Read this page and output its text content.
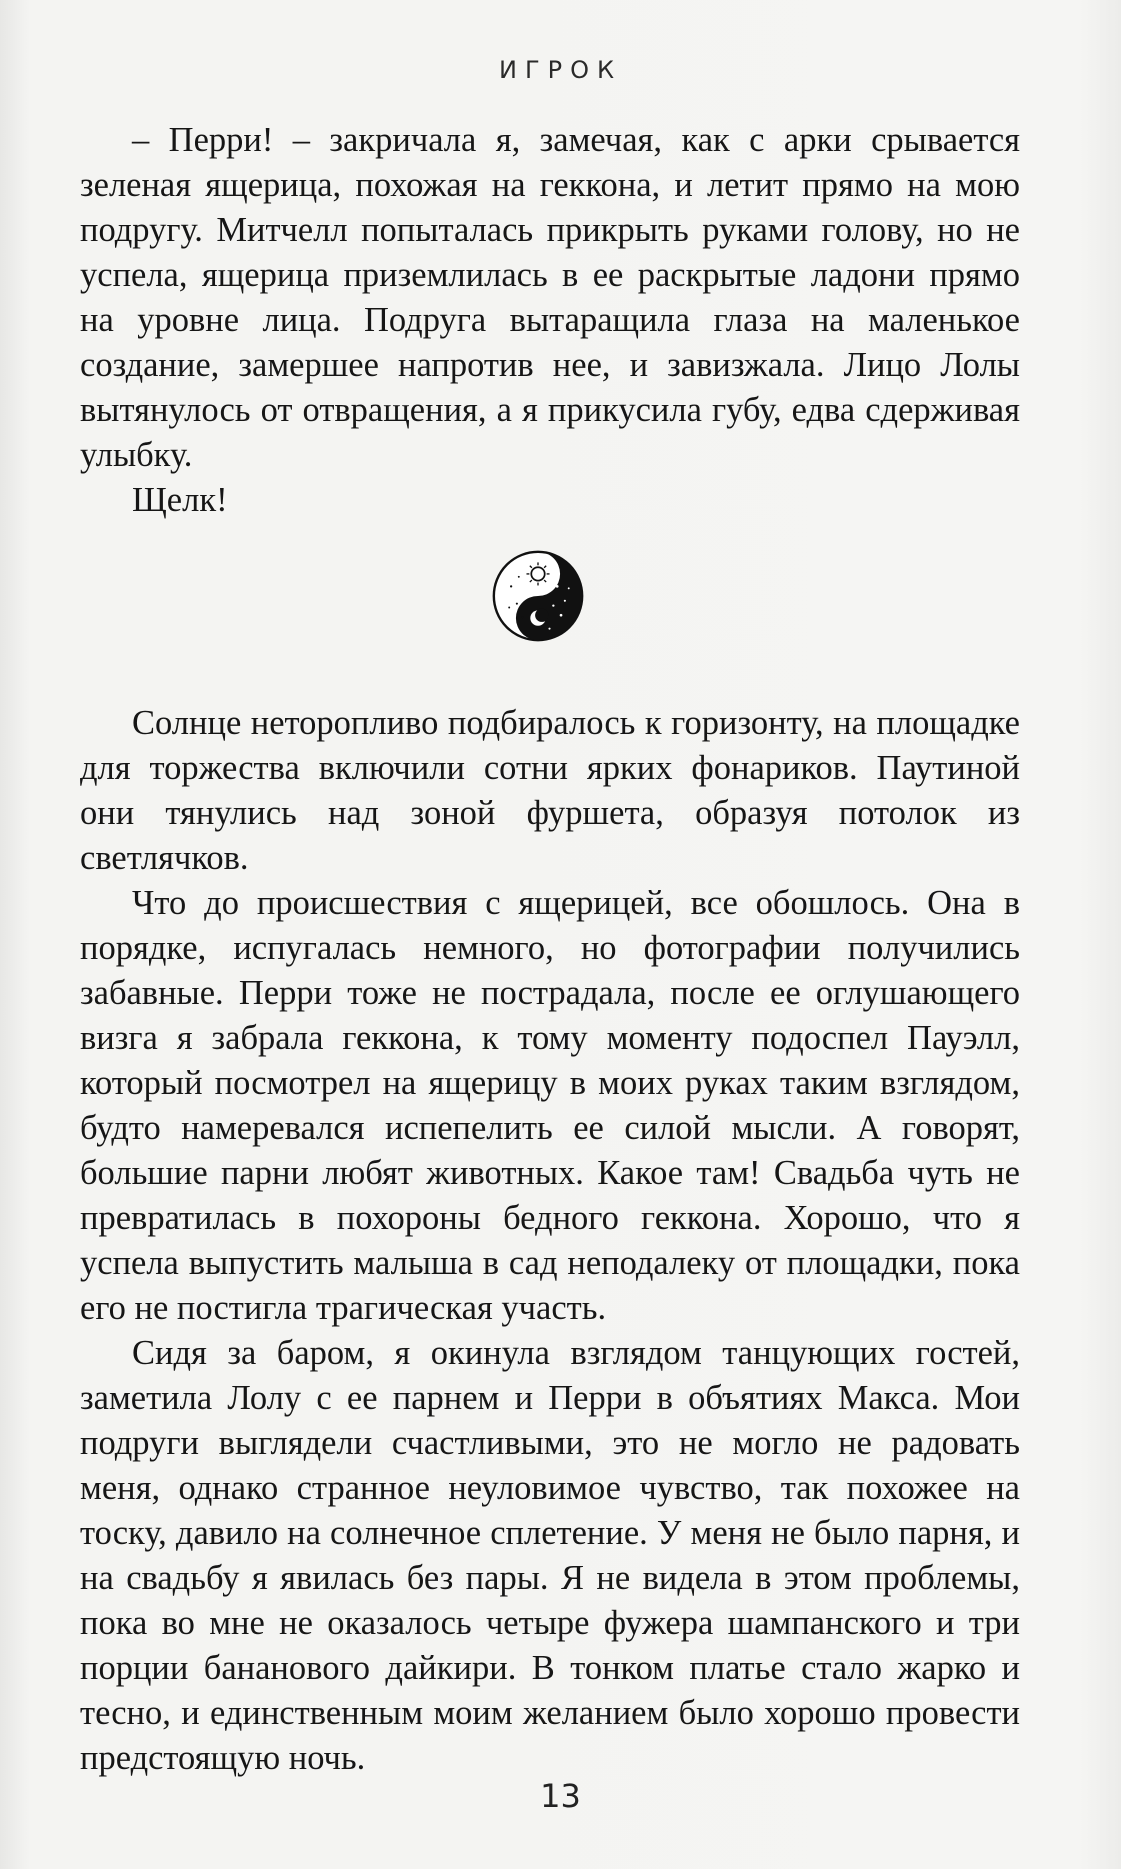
ИГРОК

– Перри! – закричала я, замечая, как с арки срывается зеленая ящерица, похожая на геккона, и летит прямо на мою подругу. Митчелл попыталась прикрыть руками голову, но не успела, ящерица приземлилась в ее раскрытые ладони прямо на уровне лица. Подруга вытаращила глаза на маленькое создание, замершее напротив нее, и завизжала. Лицо Лолы вытянулось от отвращения, а я прикусила губу, едва сдерживая улыбку.

Щелк!

Солнце неторопливо подбиралось к горизонту, на площадке для торжества включили сотни ярких фонариков. Паутиной они тянулись над зоной фуршета, образуя потолок из светлячков.

Что до происшествия с ящерицей, все обошлось. Она в порядке, испугалась немного, но фотографии получились забавные. Перри тоже не пострадала, после ее оглушающего визга я забрала геккона, к тому моменту подоспел Пауэлл, который посмотрел на ящерицу в моих руках таким взглядом, будто намеревался испепелить ее силой мысли. А говорят, большие парни любят животных. Какое там! Свадьба чуть не превратилась в похороны бедного геккона. Хорошо, что я успела выпустить малыша в сад неподалеку от площадки, пока его не постигла трагическая участь.

Сидя за баром, я окинула взглядом танцующих гостей, заметила Лолу с ее парнем и Перри в объятиях Макса. Мои подруги выглядели счастливыми, это не могло не радовать меня, однако странное неуловимое чувство, так похожее на тоску, давило на солнечное сплетение. У меня не было парня, и на свадьбу я явилась без пары. Я не видела в этом проблемы, пока во мне не оказалось четыре фужера шампанского и три порции бананового дайкири. В тонком платье стало жарко и тесно, и единственным моим желанием было хорошо провести предстоящую ночь.

13
